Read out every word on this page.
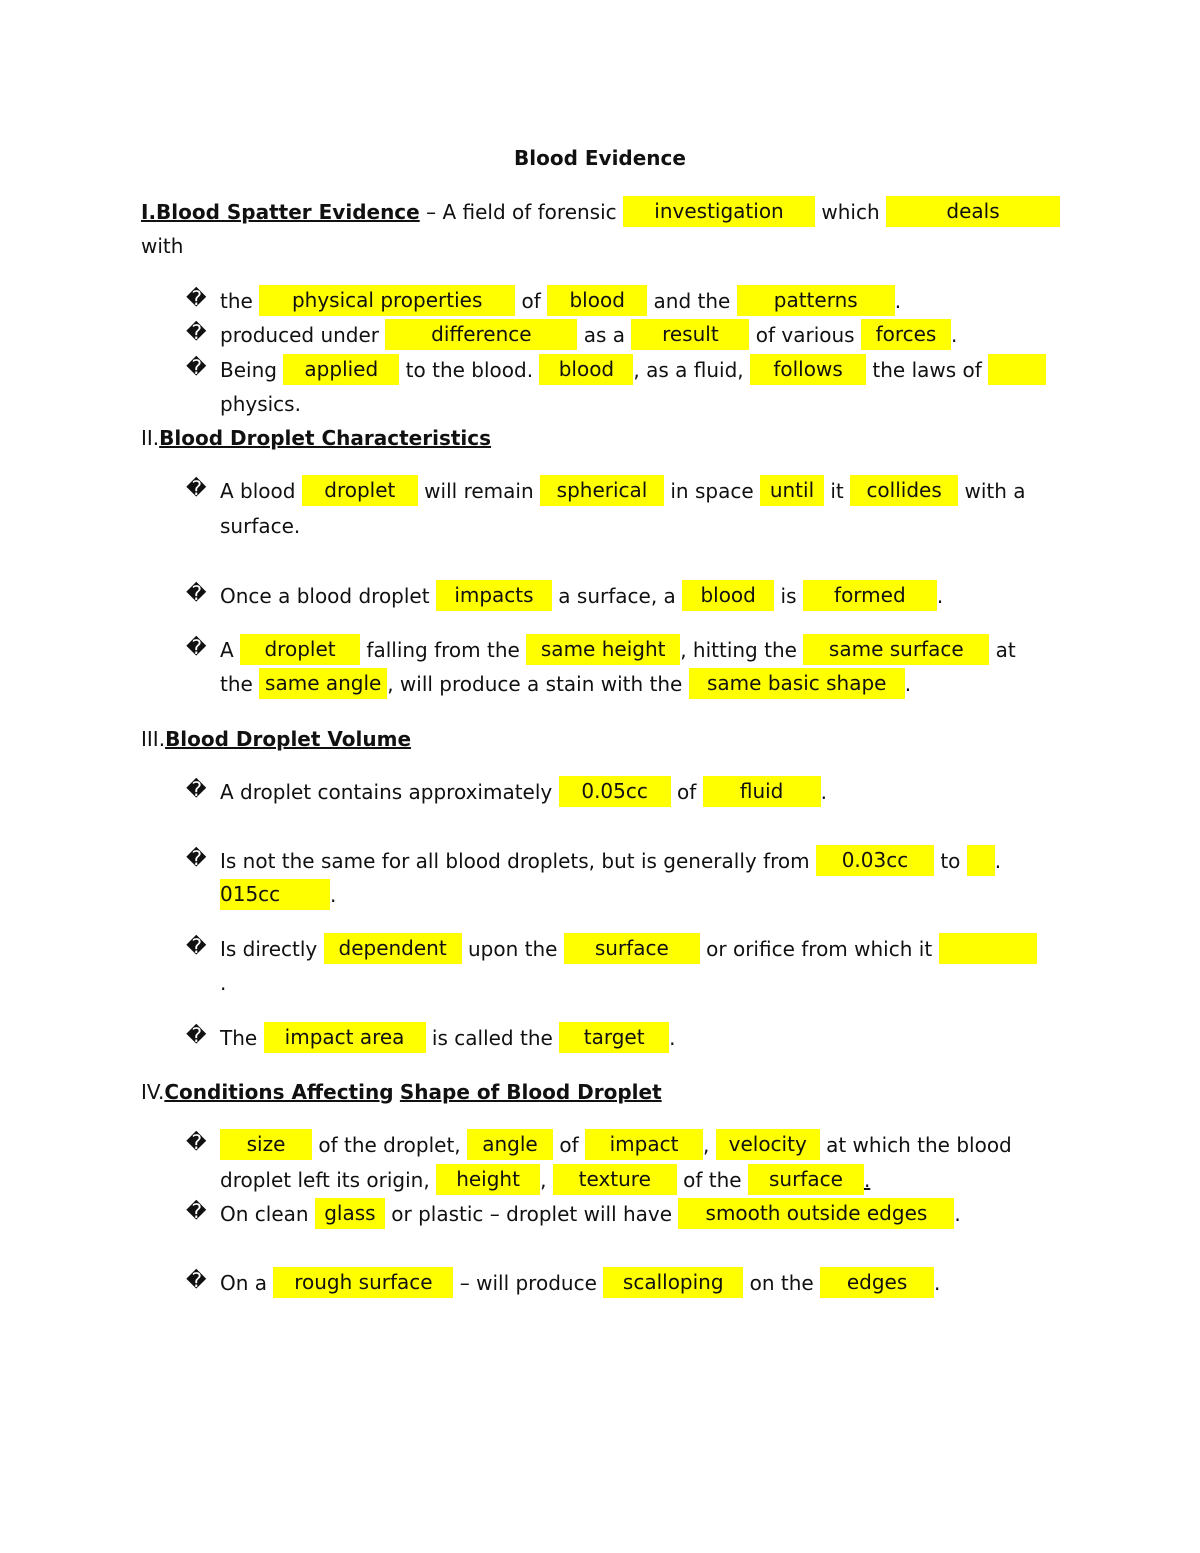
Blood Evidence
I.Blood Spatter Evidence – A field of forensic investigation which	deals
with
� the physical properties of blood and the patterns .
� produced under difference as a result of various forces .
� Being applied to the blood. blood , as a fluid, follows the laws of
physics.
II.Blood Droplet Characteristics
� A blood droplet will remain spherical in space until it collides with a
surface.
� Once a blood droplet impacts a surface, a blood is formed .
� A droplet falling from the same height , hitting the same surface at
the same angle , will produce a stain with the same basic shape .
III.Blood Droplet Volume
� A droplet contains approximately 0.05cc of fluid .
� Is not the same for all blood droplets, but is generally from 0.03cc to .
015cc .
� Is directly dependent upon the surface or orifice from which it
.
� The impact area is called the target .
IV.Conditions Affecting Shape of Blood Droplet
�	size of the droplet, angle of impact , velocity at which the blood
droplet left its origin, height , texture of the surface .
� On clean glass or plastic – droplet will have smooth outside edges .
� On a rough surface – will produce scalloping on the edges .
